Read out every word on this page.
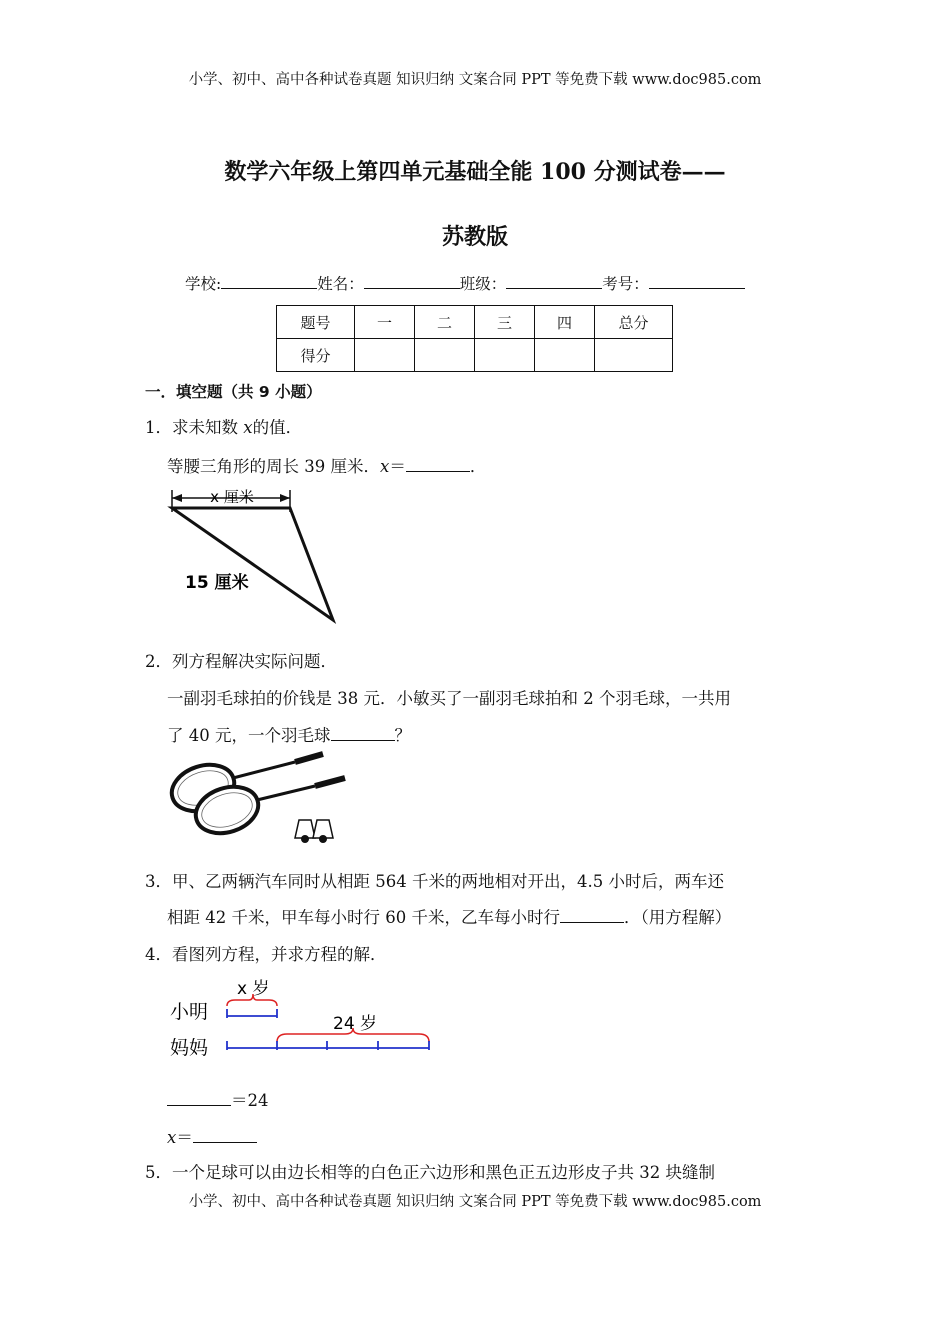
小学、初中、高中各种试卷真题 知识归纳 文案合同 PPT 等免费下载 www.doc985.com
数学六年级上第四单元基础全能 100 分测试卷——
苏教版
学校:	姓名：	班级：	考号：
题号	一	二	三	四	总分
得分					
一．填空题（共 9 小题）
1．求未知数 x的值．
等腰三角形的周长 39 厘米．x＝	．
x 厘米
15 厘米
2．列方程解决实际问题．
一副羽毛球拍的价钱是 38 元．小敏买了一副羽毛球拍和 2 个羽毛球，一共用
了 40 元，一个羽毛球	？
3．甲、乙两辆汽车同时从相距 564 千米的两地相对开出，4.5 小时后，两车还
相距 42 千米，甲车每小时行 60 千米，乙车每小时行	．（用方程解）
4．看图列方程，并求方程的解．
小明
妈妈
x 岁
24 岁
＝24
x＝
5．一个足球可以由边长相等的白色正六边形和黑色正五边形皮子共 32 块缝制
小学、初中、高中各种试卷真题 知识归纳 文案合同 PPT 等免费下载 www.doc985.com
